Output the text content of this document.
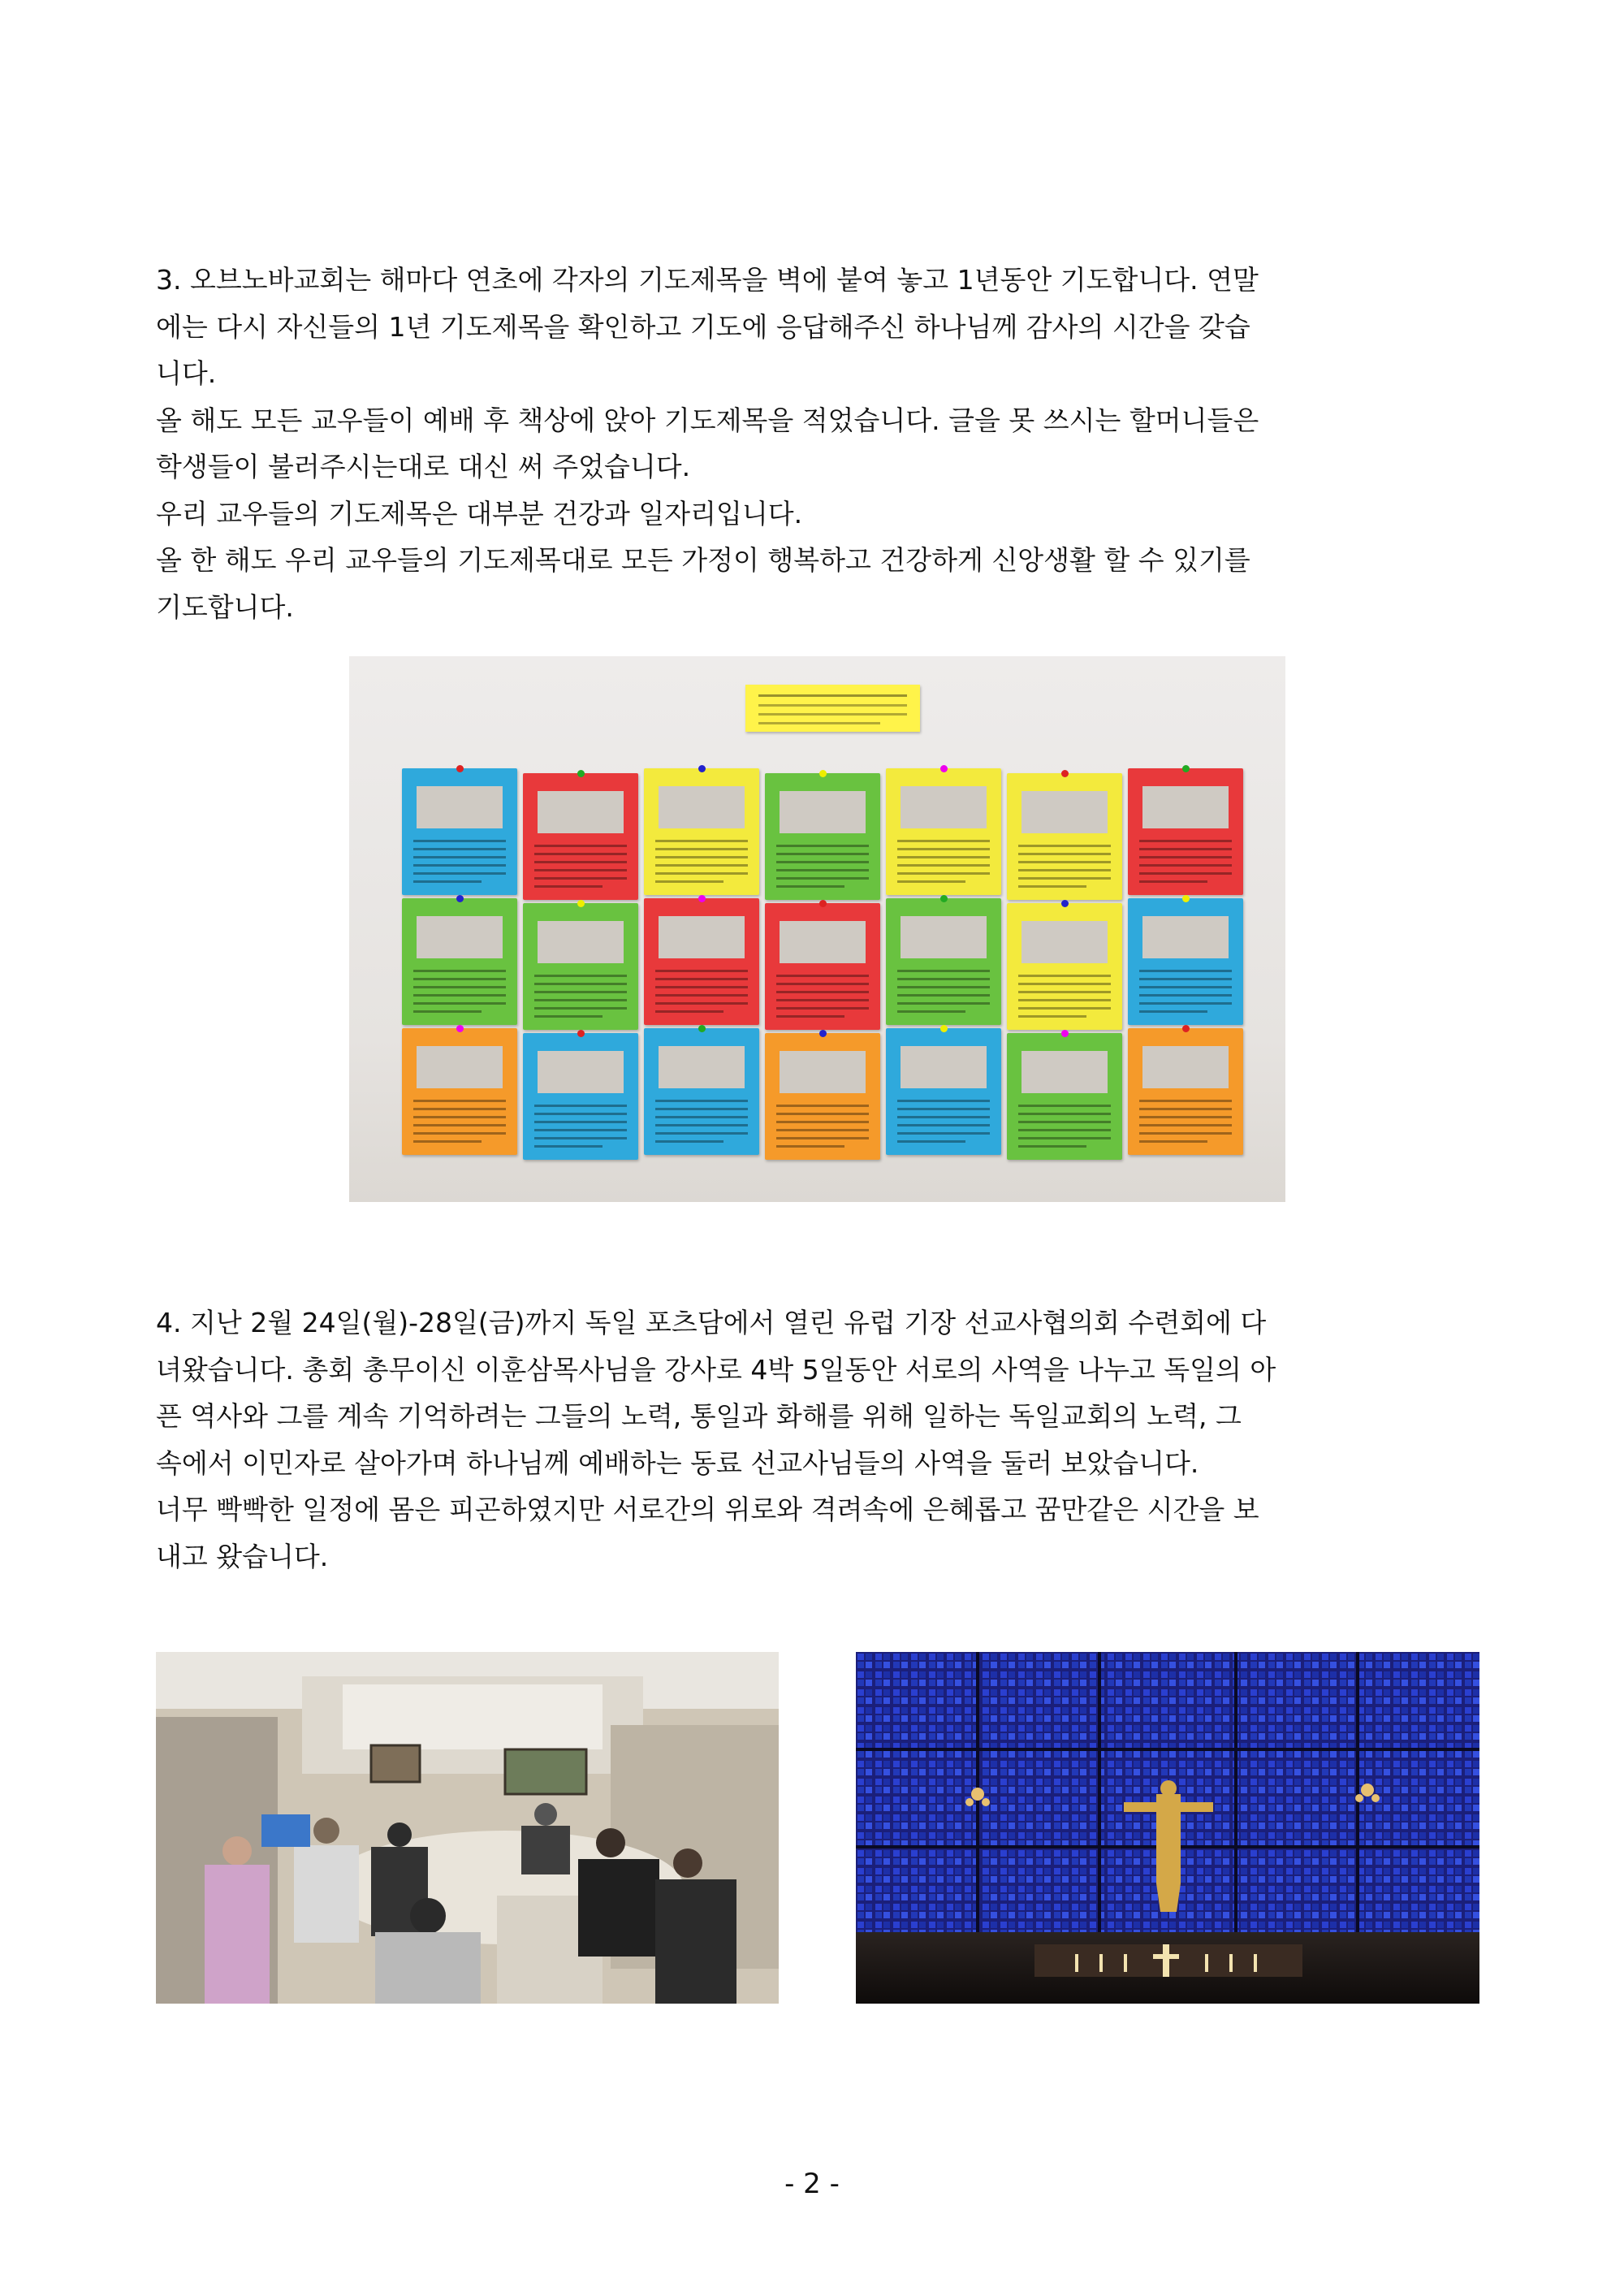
3. 오브노바교회는 해마다 연초에 각자의 기도제목을 벽에 붙여 놓고 1년동안 기도합니다. 연말
에는 다시 자신들의 1년 기도제목을 확인하고 기도에 응답해주신 하나님께 감사의 시간을 갖습
니다.
올 해도 모든 교우들이 예배 후 책상에 앉아 기도제목을 적었습니다. 글을 못 쓰시는 할머니들은
학생들이 불러주시는대로 대신 써 주었습니다.
우리 교우들의 기도제목은 대부분 건강과 일자리입니다.
올 한 해도 우리 교우들의 기도제목대로 모든 가정이 행복하고 건강하게 신앙생활 할 수 있기를
기도합니다.
4. 지난 2월 24일(월)-28일(금)까지 독일 포츠담에서 열린 유럽 기장 선교사협의회 수련회에 다
녀왔습니다. 총회 총무이신 이훈삼목사님을 강사로 4박 5일동안 서로의 사역을 나누고 독일의 아
픈 역사와 그를 계속 기억하려는 그들의 노력, 통일과 화해를 위해 일하는 독일교회의 노력, 그
속에서 이민자로 살아가며 하나님께 예배하는 동료 선교사님들의 사역을 둘러 보았습니다.
너무 빡빡한 일정에 몸은 피곤하였지만 서로간의 위로와 격려속에 은혜롭고 꿈만같은 시간을 보
내고 왔습니다.
- 2 -
